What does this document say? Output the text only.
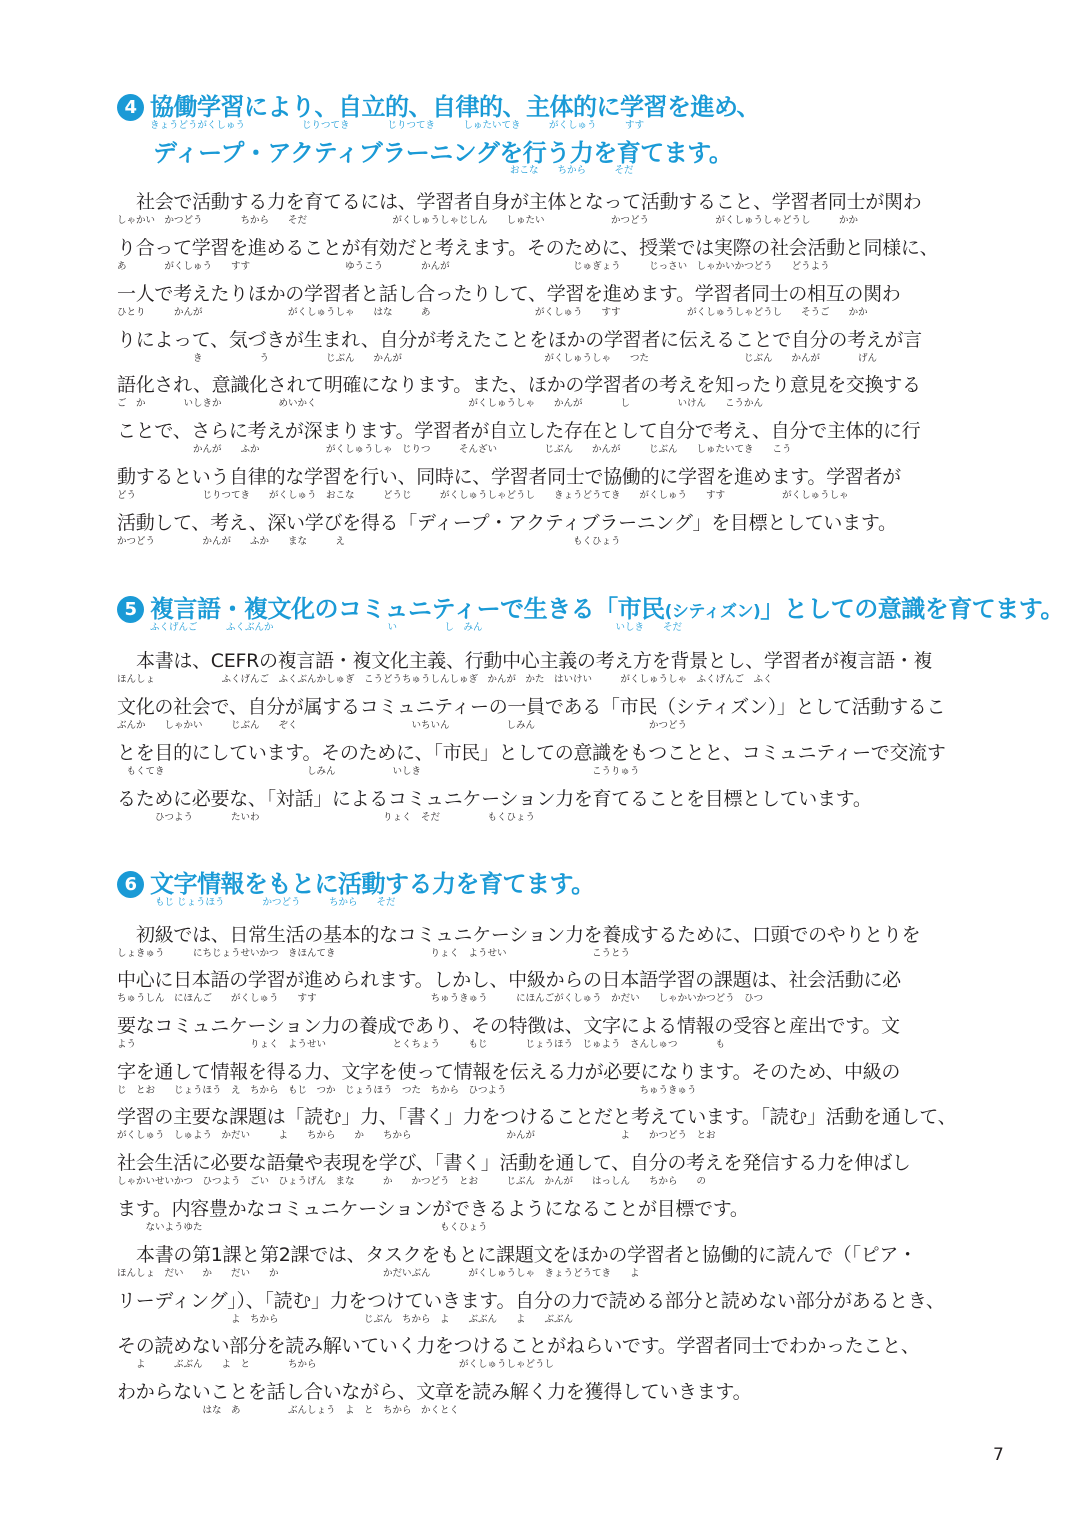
4 協働学習により、自立的、自律的、主体的に学習を進め、
きょうどうがくしゅう　　　　　　じりつてき　　　　じりつてき　　　しゅたいてき　　　がくしゅう　　　すす
ディープ・アクティブラーニングを行う力を育てます。
おこな　　ちから　　　そだ
社会で活動する力を育てるには、学習者自身が主体となって活動すること、学習者同士が関わ
しゃかい　かつどう　　　　ちから　　そだ　　　　　　　　　がくしゅうしゃじしん　　しゅたい　　　　　　　かつどう　　　　　　　がくしゅうしゃどうし　　　かか
り合って学習を進めることが有効だと考えます。そのために、授業では実際の社会活動と同様に、
あ　　　　がくしゅう　　すす　　　　　　　　　　ゆうこう　　　　かんが　　　　　　　　　　　　　じゅぎょう　　　じっさい　しゃかいかつどう　　どうよう
一人で考えたりほかの学習者と話し合ったりして、学習を進めます。学習者同士の相互の関わ
ひとり　　　かんが　　　　　　　　　がくしゅうしゃ　　はな　　　あ　　　　　　　　　　　がくしゅう　　すす　　　　　　　がくしゅうしゃどうし　　そうご　　かか
りによって、気づきが生まれ、自分が考えたことをほかの学習者に伝えることで自分の考えが言
　　　　　　　　き　　　　　　う　　　　　　じぶん　　かんが　　　　　　　　　　　　　　　がくしゅうしゃ　　つた　　　　　　　　　　じぶん　　かんが　　　　げん
語化され、意識化されて明確になります。また、ほかの学習者の考えを知ったり意見を交換する
ご　か　　　　いしきか　　　　　　めいかく　　　　　　　　　　　　　　　　がくしゅうしゃ　　かんが　　　　し　　　　　いけん　　こうかん
ことで、さらに考えが深まります。学習者が自立した存在として自分で考え、自分で主体的に行
　　　　　　　　かんが　　ふか　　　　　　　がくしゅうしゃ　じりつ　　　そんざい　　　　　じぶん　　かんが　　　じぶん　　しゅたいてき　　こう
動するという自律的な学習を行い、同時に、学習者同士で協働的に学習を進めます。学習者が
どう　　　　　　　じりつてき　　がくしゅう　おこな　　　どうじ　　　がくしゅうしゃどうし　　きょうどうてき　　がくしゅう　　すす　　　　　　がくしゅうしゃ
活動して、考え、深い学びを得る「ディープ・アクティブラーニング」を目標としています。
かつどう　　　　　かんが　　ふか　　まな　　　え　　　　　　　　　　　　　　　　　　　　　　　　もくひょう
5 複言語・複文化のコミュニティーで生きる「市民(シティズン)」としての意識を育てます。
ふくげんご　　　ふくぶんか　　　　　　　　　　　　い　　　　　し　みん　　　　　　　　　　　　　　いしき　　そだ
本書は、CEFRの複言語・複文化主義、行動中心主義の考え方を背景とし、学習者が複言語・複
ほんしょ　　　　　　　ふくげんご　ふくぶんかしゅぎ　こうどうちゅうしんしゅぎ　かんが　かた　はいけい　　　がくしゅうしゃ　ふくげんご　ふく
文化の社会で、自分が属するコミュニティーの一員である「市民（シティズン）」として活動するこ
ぶんか　　しゃかい　　　じぶん　　ぞく　　　　　　　　　　　　いちいん　　　　　　しみん　　　　　　　　　　　　かつどう
とを目的にしています。そのために、「市民」としての意識をもつことと、コミュニティーで交流す
　もくてき　　　　　　　　　　　　　　　しみん　　　　　　いしき　　　　　　　　　　　　　　　　　　こうりゅう
るために必要な、「対話」によるコミュニケーション力を育てることを目標としています。
　　　　ひつよう　　　　たいわ　　　　　　　　　　　　　りょく　そだ　　　　　もくひょう
6 文字情報をもとに活動する力を育てます。
もじ じょうほう　　　　かつどう　　　ちから　　そだ
初級では、日常生活の基本的なコミュニケーション力を養成するために、口頭でのやりとりを
しょきゅう　　　にちじょうせいかつ　きほんてき　　　　　　　　　　りょく　ようせい　　　　　　　　　こうとう
中心に日本語の学習が進められます。しかし、中級からの日本語学習の課題は、社会活動に必
ちゅうしん　にほんご　　がくしゅう　　すす　　　　　　　　　　　　ちゅうきゅう　　　にほんごがくしゅう　かだい　　しゃかいかつどう　ひつ
要なコミュニケーション力の養成であり、その特徴は、文字による情報の受容と産出です。文
よう　　　　　　　　　　　　りょく　ようせい　　　　　　　とくちょう　　　もじ　　　　じょうほう　じゅよう　さんしゅつ　　　　も
字を通して情報を得る力、文字を使って情報を伝える力が必要になります。そのため、中級の
じ　とお　　じょうほう　え　ちから　もじ　つか　じょうほう　つた　ちから　ひつよう　　　　　　　　　　　　　　ちゅうきゅう
学習の主要な課題は「読む」力、「書く」力をつけることだと考えています。「読む」活動を通して、
がくしゅう　しゅよう　かだい　　　よ　　ちから　　か　　ちから　　　　　　　　　　かんが　　　　　　　　　よ　　かつどう　とお
社会生活に必要な語彙や表現を学び、「書く」活動を通して、自分の考えを発信する力を伸ばし
しゃかいせいかつ　ひつよう　ごい　ひょうげん　まな　　　か　　かつどう　とお　　　じぶん　かんが　　はっしん　　ちから　　の
ます。内容豊かなコミュニケーションができるようになることが目標です。
　　　ないようゆた　　　　　　　　　　　　　　　　　　　　　　　　　もくひょう
本書の第1課と第2課では、タスクをもとに課題文をほかの学習者と協働的に読んで（「ピア・
ほんしょ　だい　　か　　だい　　か　　　　　　　　　　　かだいぶん　　　　がくしゅうしゃ　きょうどうてき　　よ
リーディング」）、「読む」力をつけていきます。自分の力で読める部分と読めない部分があるとき、
　　　　　　　　　　　　よ　ちから　　　　　　　　　じぶん　ちから　よ　　ぶぶん　　よ　　ぶぶん
その読めない部分を読み解いていく力をつけることがねらいです。学習者同士でわかったこと、
　　よ　　　ぶぶん　　よ　と　　　　ちから　　　　　　　　　　　　　　　がくしゅうしゃどうし
わからないことを話し合いながら、文章を読み解く力を獲得していきます。
　　　　　　　　　はな　あ　　　　　ぶんしょう　よ　と　ちから　かくとく
7
